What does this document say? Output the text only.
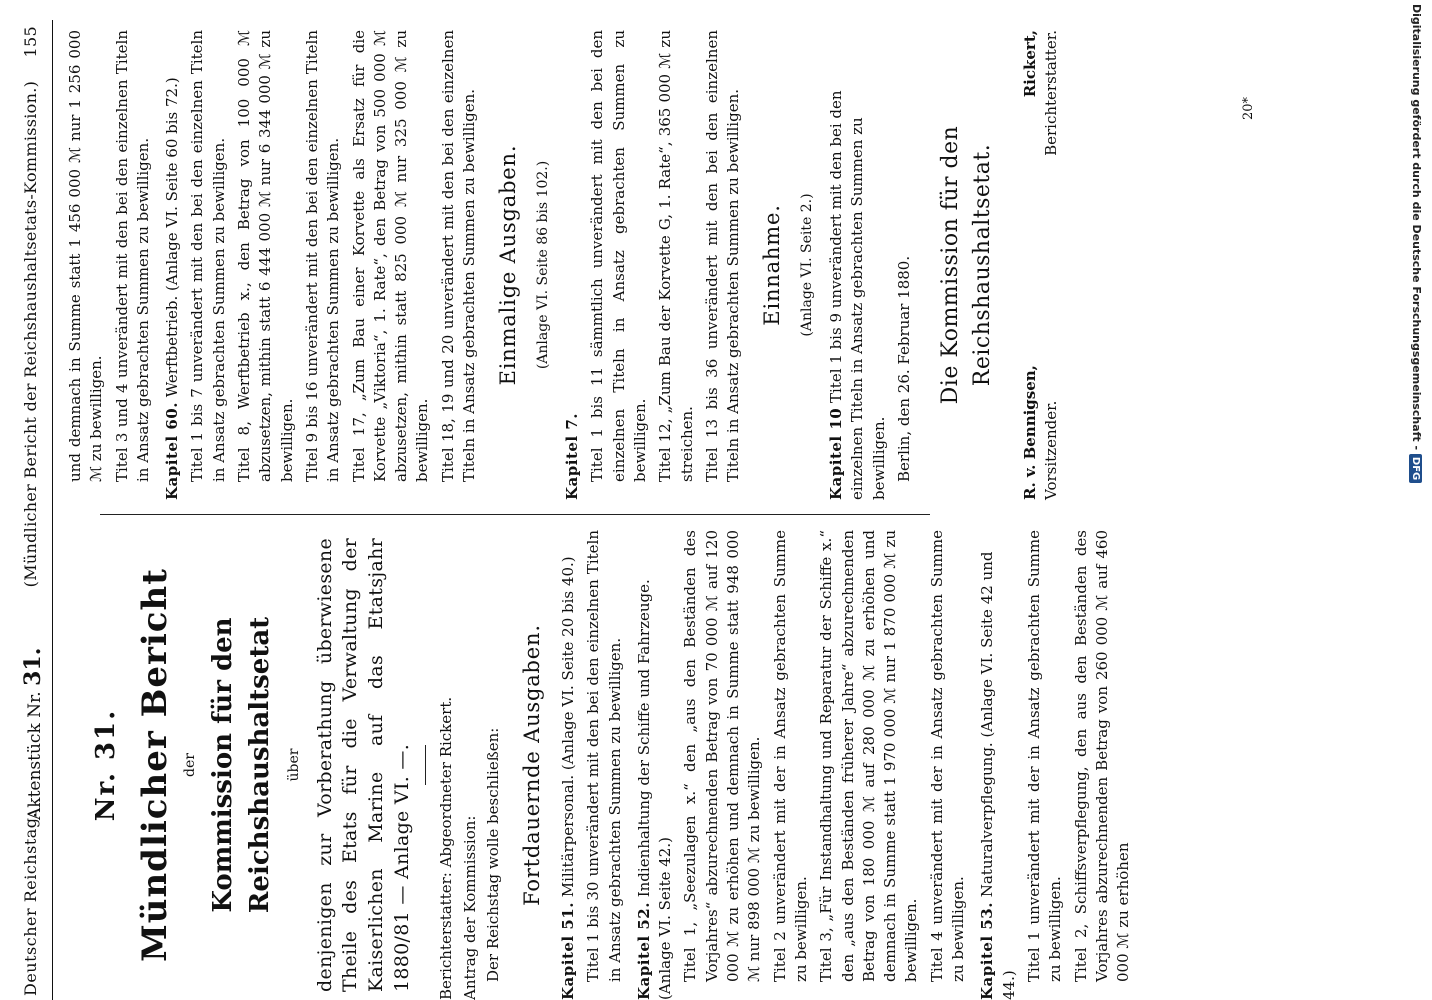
Deutscher Reichstag.
Aktenstück Nr. 31.
(Mündlicher Bericht der Reichshaushaltsetats-Kommission.) 155
Nr. 31. Mündlicher Bericht der Kommission für den Reichshaushaltsetat über denjenigen zur Vorberathung überwiesene Theile des Etats für die Verwaltung der Kaiserlichen Marine auf das Etatsjahr 1880/81 — Anlage VI. —. Berichterstatter: Abgeordneter Rickert. Antrag der Kommission: Der Reichstag wolle beschließen: Fortdauernde Ausgaben.
Kapitel 51. Militärpersonal. (Anlage VI. Seite 20 bis 40.) Titel 1 bis 30 unverändert mit den bei den einzelnen Titeln in Ansatz gebrachten Summen zu bewilligen. Kapitel 52. Indienhaltung der Schiffe und Fahrzeuge. (Anlage VI. Seite 42.) Titel 1, „Seezulagen x.“ den „aus den Beständen des Vorjahres“ abzurechnenden Betrag von 70 000 ℳ auf 120 000 ℳ zu erhöhen und demnach in Summe statt 948 000 ℳ nur 898 000 ℳ zu bewilligen. Titel 2 unverändert mit der in Ansatz gebrachten Summe zu bewilligen. Titel 3, „Für Instandhaltung und Reparatur der Schiffe x.“ den „aus den Beständen früherer Jahre“ abzurechnenden Betrag von 180 000 ℳ auf 280 000 ℳ zu erhöhen und demnach in Summe statt 1 970 000 ℳ nur 1 870 000 ℳ zu bewilligen. Titel 4 unverändert mit der in Ansatz gebrachten Summe zu bewilligen. Kapitel 53. Naturalverpflegung. (Anlage VI. Seite 42 und 44.)
Titel 1 unverändert mit der in Ansatz gebrachten Summe zu bewilligen. Titel 2, Schiffsverpflegung, den aus den Beständen des Vorjahres abzurechnenden Betrag von 260 000 ℳ auf 460 000 ℳ zu erhöhen
und demnach in Summe statt 1 456 000 ℳ nur 1 256 000 ℳ zu bewilligen. Titel 3 und 4 unverändert mit den bei den einzelnen Titeln in Ansatz gebrachten Summen zu bewilligen. Kapitel 60. Werftbetrieb. (Anlage VI. Seite 60 bis 72.) Titel 1 bis 7 unverändert mit den bei den einzelnen Titeln in Ansatz gebrachten Summen zu bewilligen. Titel 8, Werftbetrieb x., den Betrag von 100 000 ℳ abzusetzen, mithin statt 6 444 000 ℳ nur 6 344 000 ℳ zu bewilligen. Titel 9 bis 16 unverändert mit den bei den einzelnen Titeln in Ansatz gebrachten Summen zu bewilligen. Titel 17, „Zum Bau einer Korvette als Ersatz für die Korvette „Viktoria“, 1. Rate“, den Betrag von 500 000 ℳ abzusetzen, mithin statt 825 000 ℳ nur 325 000 ℳ zu bewilligen. Titel 18, 19 und 20 unverändert mit den bei den einzelnen Titeln in Ansatz gebrachten Summen zu bewilligen. Einmalige Ausgaben. (Anlage VI. Seite 86 bis 102.)
Kapitel 7. Titel 1 bis 11 sämmtlich unverändert mit den bei den einzelnen Titeln in Ansatz gebrachten Summen zu bewilligen. Titel 12, „Zum Bau der Korvette G, 1. Rate“, 365 000 ℳ zu streichen. Titel 13 bis 36 unverändert mit den bei den einzelnen Titeln in Ansatz gebrachten Summen zu bewilligen. Einnahme. (Anlage VI. Seite 2.)
Kapitel 10 Titel 1 bis 9 unverändert mit den bei den einzelnen Titeln in Ansatz gebrachten Summen zu bewilligen. Berlin, den 26. Februar 1880. Die Kommission für den Reichshaushaltsetat.
R. v. Bennigsen,
Rickert,
Vorsitzender.
Berichterstatter.	20*	Digitalisierung gefördert durch die Deutsche Forschungsgemeinschaft - DFG
